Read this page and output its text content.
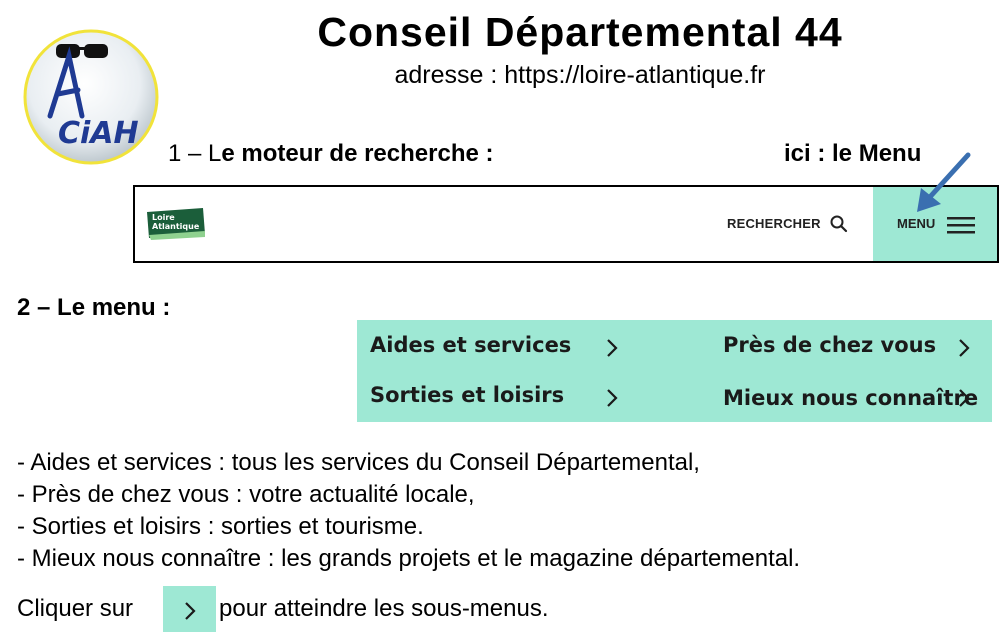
CiAH
Conseil Départemental 44
adresse : https://loire-atlantique.fr
1 – Le moteur de recherche :	ici : le Menu
Loire
Atlantique	RECHERCHER	MENU
2 – Le menu :
Aides et services	Près de chez vous
Sorties et loisirs	Mieux nous connaître
- Aides et services : tous les services du Conseil Départemental,
- Près de chez vous : votre actualité locale,
- Sorties et loisirs : sorties et tourisme.
- Mieux nous connaître : les grands projets et le magazine départemental.
Cliquer sur	pour atteindre les sous-menus.
